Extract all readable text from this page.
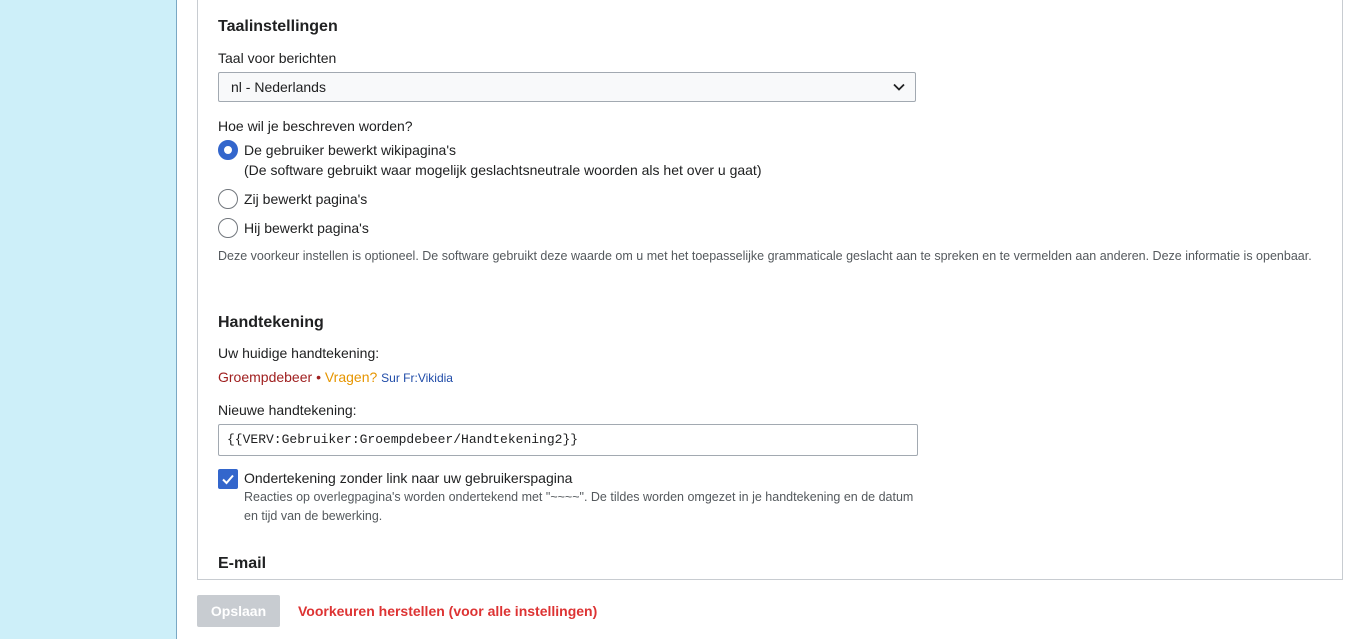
Taalinstellingen
Taal voor berichten
nl - Nederlands
Hoe wil je beschreven worden?
De gebruiker bewerkt wikipagina's
(De software gebruikt waar mogelijk geslachtsneutrale woorden als het over u gaat)
Zij bewerkt pagina's
Hij bewerkt pagina's
Deze voorkeur instellen is optioneel. De software gebruikt deze waarde om u met het toepasselijke grammaticale geslacht aan te spreken en te vermelden aan anderen. Deze informatie is openbaar.
Handtekening
Uw huidige handtekening:
Groempdebeer • Vragen? Sur Fr:Vikidia
Nieuwe handtekening:
{{VERV:Gebruiker:Groempdebeer/Handtekening2}}
Ondertekening zonder link naar uw gebruikerspagina
Reacties op overlegpagina's worden ondertekend met "~~~~". De tildes worden omgezet in je handtekening en de datum en tijd van de bewerking.
E-mail
Opslaan	Voorkeuren herstellen (voor alle instellingen)
